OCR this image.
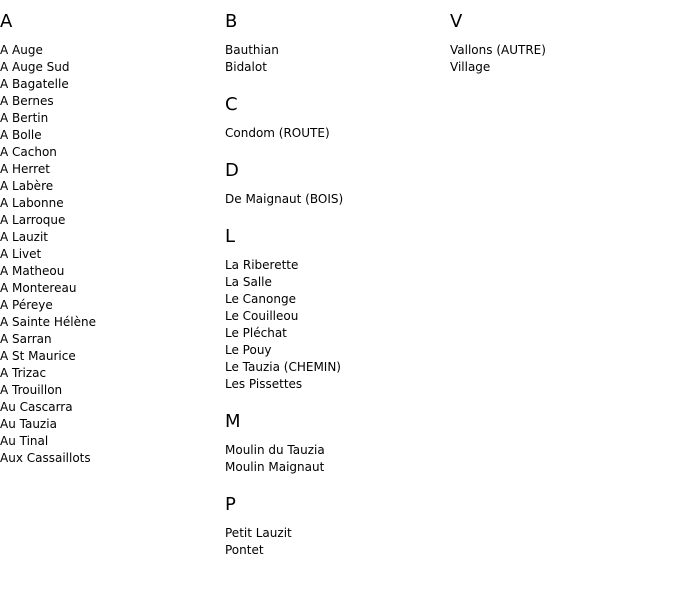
A
A Auge
A Auge Sud
A Bagatelle
A Bernes
A Bertin
A Bolle
A Cachon
A Herret
A Labère
A Labonne
A Larroque
A Lauzit
A Livet
A Matheou
A Montereau
A Péreye
A Sainte Hélène
A Sarran
A St Maurice
A Trizac
A Trouillon
Au Cascarra
Au Tauzia
Au Tinal
Aux Cassaillots
B
Bauthian
Bidalot
C
Condom (ROUTE)
D
De Maignaut (BOIS)
L
La Riberette
La Salle
Le Canonge
Le Couilleou
Le Pléchat
Le Pouy
Le Tauzia (CHEMIN)
Les Pissettes
M
Moulin du Tauzia
Moulin Maignaut
P
Petit Lauzit
Pontet
V
Vallons (AUTRE)
Village
